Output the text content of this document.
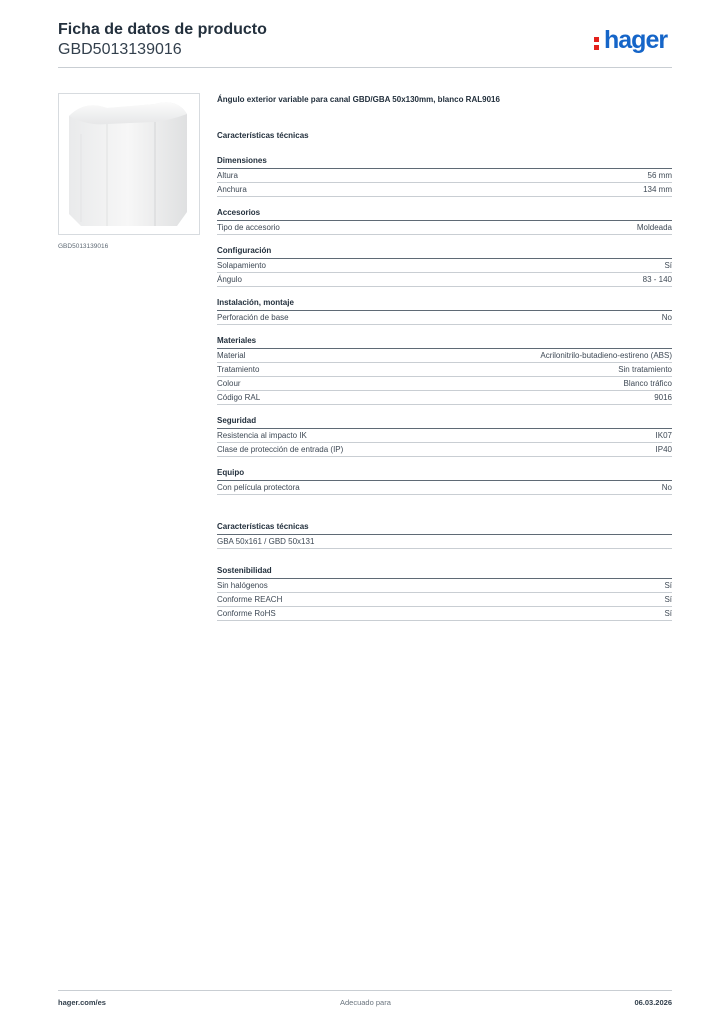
Ficha de datos de producto
GBD5013139016	hager
GBD5013139016
Ángulo exterior variable para canal GBD/GBA 50x130mm, blanco RAL9016
Características técnicas
Dimensiones
Altura	56 mm
Anchura	134 mm
Accesorios
Tipo de accesorio	Moldeada
Configuración
Solapamiento	Sí
Ángulo	83 - 140
Instalación, montaje
Perforación de base	No
Materiales
Material	Acrilonitrilo-butadieno-estireno (ABS)
Tratamiento	Sin tratamiento
Colour	Blanco tráfico
Código RAL	9016
Seguridad
Resistencia al impacto IK	IK07
Clase de protección de entrada (IP)	IP40
Equipo
Con película protectora	No
Características técnicas
GBA 50x161 / GBD 50x131
Sostenibilidad
Sin halógenos	Sí
Conforme REACH	Sí
Conforme RoHS	Sí
hager.com/es	Adecuado para	06.03.2026
